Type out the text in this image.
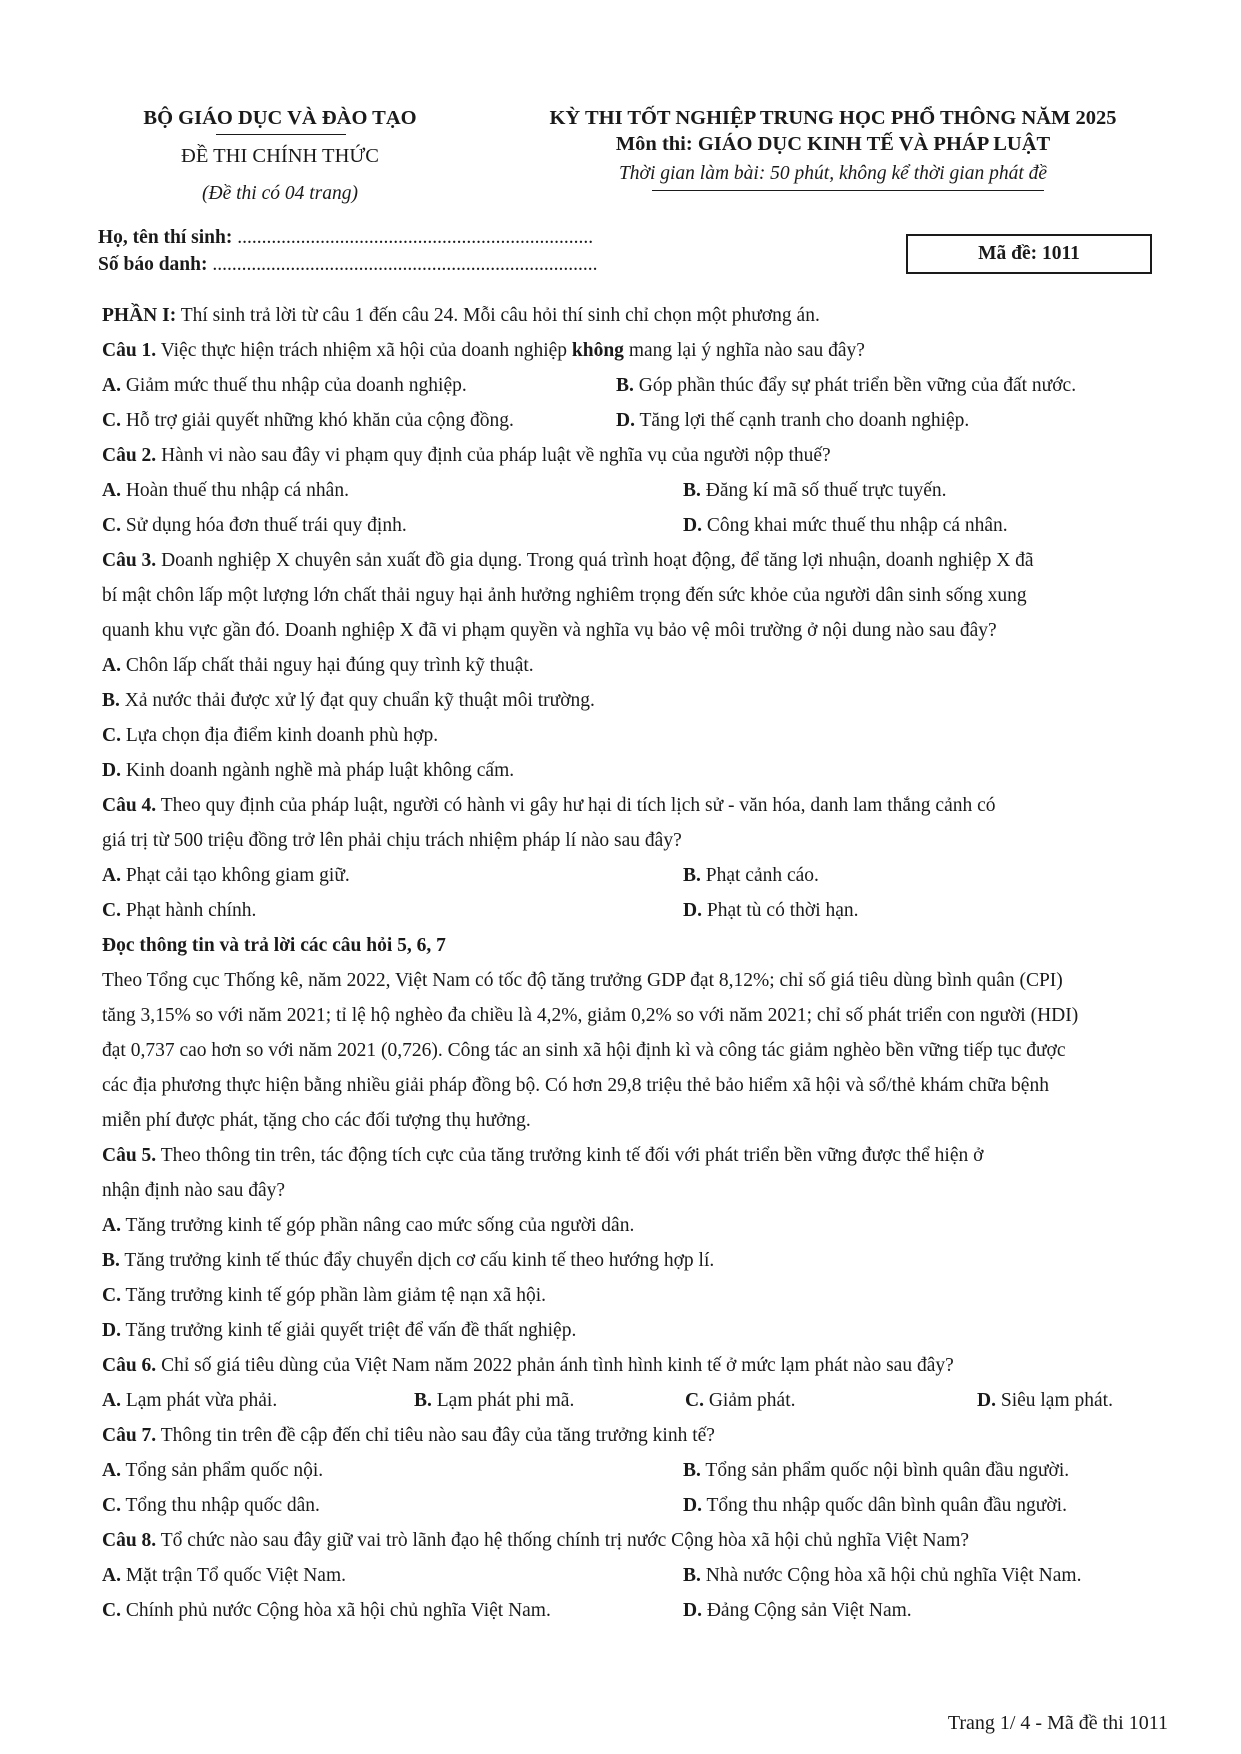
BỘ GIÁO DỤC VÀ ĐÀO TẠO
ĐỀ THI CHÍNH THỨC
(Đề thi có 04 trang)
KỲ THI TỐT NGHIỆP TRUNG HỌC PHỔ THÔNG NĂM 2025
Môn thi: GIÁO DỤC KINH TẾ VÀ PHÁP LUẬT
Thời gian làm bài: 50 phút, không kể thời gian phát đề
Họ, tên thí sinh: .........................................................................
Số báo danh: ...............................................................................
Mã đề: 1011
PHẦN I: Thí sinh trả lời từ câu 1 đến câu 24. Mỗi câu hỏi thí sinh chỉ chọn một phương án.
Câu 1. Việc thực hiện trách nhiệm xã hội của doanh nghiệp không mang lại ý nghĩa nào sau đây?
A. Giảm mức thuế thu nhập của doanh nghiệp.	B. Góp phần thúc đẩy sự phát triển bền vững của đất nước.
C. Hỗ trợ giải quyết những khó khăn của cộng đồng.	D. Tăng lợi thế cạnh tranh cho doanh nghiệp.
Câu 2. Hành vi nào sau đây vi phạm quy định của pháp luật về nghĩa vụ của người nộp thuế?
A. Hoàn thuế thu nhập cá nhân.	B. Đăng kí mã số thuế trực tuyến.
C. Sử dụng hóa đơn thuế trái quy định.	D. Công khai mức thuế thu nhập cá nhân.
Câu 3. Doanh nghiệp X chuyên sản xuất đồ gia dụng. Trong quá trình hoạt động, để tăng lợi nhuận, doanh nghiệp X đã
bí mật chôn lấp một lượng lớn chất thải nguy hại ảnh hưởng nghiêm trọng đến sức khỏe của người dân sinh sống xung
quanh khu vực gần đó. Doanh nghiệp X đã vi phạm quyền và nghĩa vụ bảo vệ môi trường ở nội dung nào sau đây?
A. Chôn lấp chất thải nguy hại đúng quy trình kỹ thuật.
B. Xả nước thải được xử lý đạt quy chuẩn kỹ thuật môi trường.
C. Lựa chọn địa điểm kinh doanh phù hợp.
D. Kinh doanh ngành nghề mà pháp luật không cấm.
Câu 4. Theo quy định của pháp luật, người có hành vi gây hư hại di tích lịch sử - văn hóa, danh lam thắng cảnh có
giá trị từ 500 triệu đồng trở lên phải chịu trách nhiệm pháp lí nào sau đây?
A. Phạt cải tạo không giam giữ.	B. Phạt cảnh cáo.
C. Phạt hành chính.	D. Phạt tù có thời hạn.
Đọc thông tin và trả lời các câu hỏi 5, 6, 7
Theo Tổng cục Thống kê, năm 2022, Việt Nam có tốc độ tăng trưởng GDP đạt 8,12%; chỉ số giá tiêu dùng bình quân (CPI)
tăng 3,15% so với năm 2021; tỉ lệ hộ nghèo đa chiều là 4,2%, giảm 0,2% so với năm 2021; chỉ số phát triển con người (HDI)
đạt 0,737 cao hơn so với năm 2021 (0,726). Công tác an sinh xã hội định kì và công tác giảm nghèo bền vững tiếp tục được
các địa phương thực hiện bằng nhiều giải pháp đồng bộ. Có hơn 29,8 triệu thẻ bảo hiểm xã hội và sổ/thẻ khám chữa bệnh
miễn phí được phát, tặng cho các đối tượng thụ hưởng.
Câu 5. Theo thông tin trên, tác động tích cực của tăng trưởng kinh tế đối với phát triển bền vững được thể hiện ở
nhận định nào sau đây?
A. Tăng trưởng kinh tế góp phần nâng cao mức sống của người dân.
B. Tăng trưởng kinh tế thúc đẩy chuyển dịch cơ cấu kinh tế theo hướng hợp lí.
C. Tăng trưởng kinh tế góp phần làm giảm tệ nạn xã hội.
D. Tăng trưởng kinh tế giải quyết triệt để vấn đề thất nghiệp.
Câu 6. Chỉ số giá tiêu dùng của Việt Nam năm 2022 phản ánh tình hình kinh tế ở mức lạm phát nào sau đây?
A. Lạm phát vừa phải.	B. Lạm phát phi mã.	C. Giảm phát.	D. Siêu lạm phát.
Câu 7. Thông tin trên đề cập đến chỉ tiêu nào sau đây của tăng trưởng kinh tế?
A. Tổng sản phẩm quốc nội.	B. Tổng sản phẩm quốc nội bình quân đầu người.
C. Tổng thu nhập quốc dân.	D. Tổng thu nhập quốc dân bình quân đầu người.
Câu 8. Tổ chức nào sau đây giữ vai trò lãnh đạo hệ thống chính trị nước Cộng hòa xã hội chủ nghĩa Việt Nam?
A. Mặt trận Tổ quốc Việt Nam.	B. Nhà nước Cộng hòa xã hội chủ nghĩa Việt Nam.
C. Chính phủ nước Cộng hòa xã hội chủ nghĩa Việt Nam.	D. Đảng Cộng sản Việt Nam.
Trang 1/ 4 - Mã đề thi 1011
